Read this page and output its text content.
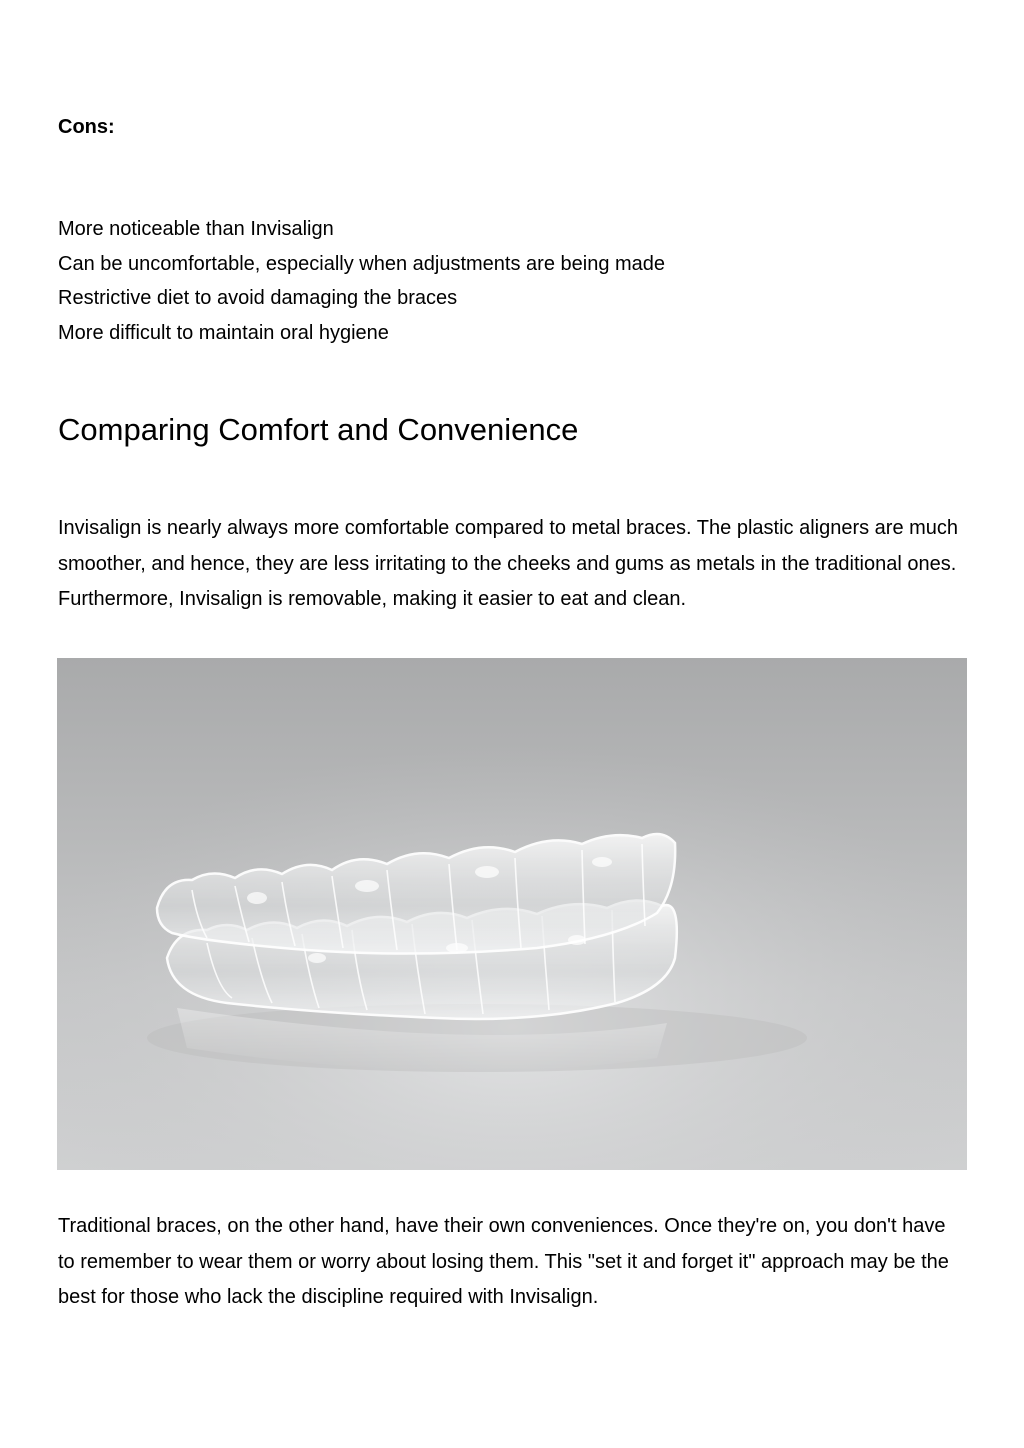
Cons:

More noticeable than Invisalign
Can be uncomfortable, especially when adjustments are being made
Restrictive diet to avoid damaging the braces
More difficult to maintain oral hygiene
Comparing Comfort and Convenience

Invisalign is nearly always more comfortable compared to metal braces. The plastic aligners are much smoother, and hence, they are less irritating to the cheeks and gums as metals in the traditional ones. Furthermore, Invisalign is removable, making it easier to eat and clean.

Traditional braces, on the other hand, have their own conveniences. Once they're on, you don't have to remember to wear them or worry about losing them. This "set it and forget it" approach may be the best for those who lack the discipline required with Invisalign.
